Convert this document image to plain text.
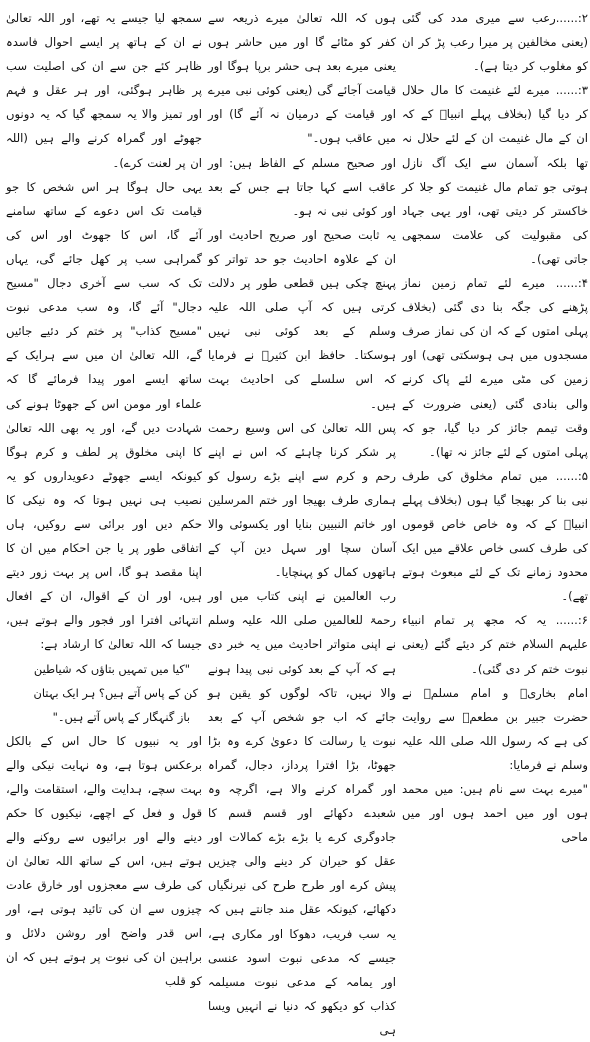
۲:......رعب سے میری مدد کی گئی (یعنی مخالفین پر میرا رعب پڑ کر ان کو مغلوب کر دیتا ہے)۔

۳:...... میرے لئے غنیمت کا مال حلال کر دیا گیا (بخلاف پہلے انبیاؑ کے کہ ان کے مال غنیمت ان کے لئے حلال نہ تھا بلکہ آسمان سے ایک آگ نازل ہوتی جو تمام مال غنیمت کو جلا کر خاکستر کر دیتی تھی، اور یہی جہاد کی مقبولیت کی علامت سمجھی جاتی تھی)۔

۴:...... میرے لئے تمام زمین نماز پڑھنے کی جگہ بنا دی گئی (بخلاف پہلی امتوں کے کہ ان کی نماز صرف مسجدوں میں ہی ہوسکتی تھی) اور زمین کی مٹی میرے لئے پاک کرنے والی بنادی گئی (یعنی ضرورت کے وقت تیمم جائز کر دیا گیا، جو کہ پہلی امتوں کے لئے جائز نہ تھا)۔

۵:...... میں تمام مخلوق کی طرف نبی بنا کر بھیجا گیا ہوں (بخلاف پہلے انبیاؑ کے کہ وہ خاص خاص قوموں کی طرف کسی خاص علاقے میں ایک محدود زمانے تک کے لئے مبعوث ہوتے تھے)۔

۶:...... یہ کہ مجھ پر تمام انبیاء علیہم السلام ختم کر دیئے گئے (یعنی نبوت ختم کر دی گئی)۔

امام بخاریؒ و امام مسلمؒ نے حضرت جبیر بن مطعمؓ سے روایت کی ہے کہ رسول اللہ صلی اللہ علیہ وسلم نے فرمایا:

"میرے بہت سے نام ہیں: میں محمد ہوں اور میں احمد ہوں اور میں ماحی

ہوں کہ اللہ تعالیٰ میرے ذریعہ سے کفر کو مٹائے گا اور میں حاشر ہوں یعنی میرے بعد ہی حشر برپا ہوگا اور قیامت آجائے گی (یعنی کوئی نبی میرے اور قیامت کے درمیان نہ آئے گا) اور میں عاقب ہوں۔"

اور صحیح مسلم کے الفاظ ہیں: اور عاقب اسے کہا جاتا ہے جس کے بعد اور کوئی نبی نہ ہو۔

یہ ثابت صحیح اور صریح احادیث اور ان کے علاوہ احادیث جو حد تواتر کو پہنچ چکی ہیں قطعی طور پر دلالت کرتی ہیں کہ آپ صلی اللہ علیہ وسلم کے بعد کوئی نبی نہیں ہوسکتا۔ حافظ ابن کثیرؒ نے فرمایا کہ اس سلسلے کی احادیث بہت ہیں۔

پس اللہ تعالیٰ کی اس وسیع رحمت پر شکر کرنا چاہئے کہ اس نے اپنے رحم و کرم سے اپنے بڑے رسول کو ہماری طرف بھیجا اور ختم المرسلین اور خاتم النبیین بنایا اور یکسوئی والا آسان سچا اور سہل دین آپ کے ہاتھوں کمال کو پہنچایا۔

رب العالمین نے اپنی کتاب میں اور رحمۃ للعالمین صلی اللہ علیہ وسلم نے اپنی متواتر احادیث میں یہ خبر دی ہے کہ آپ کے بعد کوئی نبی پیدا ہونے والا نہیں، تاکہ لوگوں کو یقین ہو جائے کہ اب جو شخص آپ کے بعد نبوت یا رسالت کا دعویٰ کرے وہ بڑا جھوٹا، بڑا افترا پرداز، دجال، گمراہ اور گمراہ کرنے والا ہے، اگرچہ وہ شعبدے دکھائے اور قسم قسم کا جادوگری کرے یا بڑے بڑے کمالات اور عقل کو حیران کر دینے والی چیزیں پیش کرے اور طرح طرح کی نیرنگیاں دکھائے، کیونکہ عقل مند جانتے ہیں کہ یہ سب فریب، دھوکا اور مکاری ہے، جیسے کہ مدعی نبوت اسود عنسی اور یمامہ کے مدعی نبوت مسیلمہ کذاب کو دیکھو کہ دنیا نے انہیں ویسا ہی

سمجھ لیا جیسے یہ تھے، اور اللہ تعالیٰ نے ان کے ہاتھ پر ایسے احوال فاسدہ ظاہر کئے جن سے ان کی اصلیت سب پر ظاہر ہوگئی، اور ہر عقل و فہم اور تمیز والا یہ سمجھ گیا کہ یہ دونوں جھوٹے اور گمراہ کرنے والے ہیں (اللہ ان پر لعنت کرے)۔

یہی حال ہوگا ہر اس شخص کا جو قیامت تک اس دعوے کے ساتھ سامنے آئے گا، اس کا جھوٹ اور اس کی گمراہی سب پر کھل جائے گی، یہاں تک کہ سب سے آخری دجال "مسیح دجال" آئے گا، وہ سب مدعی نبوت "مسیح کذاب" پر ختم کر دئیے جائیں گے، اللہ تعالیٰ ان میں سے ہرایک کے ساتھ ایسے امور پیدا فرمائے گا کہ علماء اور مومن اس کے جھوٹا ہونے کی شہادت دیں گے، اور یہ بھی اللہ تعالیٰ کا اپنی مخلوق پر لطف و کرم ہوگا کیونکہ ایسے جھوٹے دعویداروں کو یہ نصیب ہی نہیں ہوتا کہ وہ نیکی کا حکم دیں اور برائی سے روکیں، ہاں اتفاقی طور پر یا جن احکام میں ان کا اپنا مقصد ہو گا، اس پر بہت زور دیتے ہیں، اور ان کے اقوال، ان کے افعال انتہائی افترا اور فجور والے ہوتے ہیں، جیسا کہ اللہ تعالیٰ کا ارشاد ہے:

"کیا میں تمہیں بتاؤں کہ شیاطین

کن کے پاس آتے ہیں؟ ہر ایک بہتان

باز گنہگار کے پاس آتے ہیں۔"

اور یہ نبیوں کا حال اس کے بالکل برعکس ہوتا ہے، وہ نہایت نیکی والے بہت سچے، ہدایت والے، استقامت والے، قول و فعل کے اچھے، نیکیوں کا حکم دینے والے اور برائیوں سے روکنے والے ہوتے ہیں، اس کے ساتھ اللہ تعالیٰ ان کی طرف سے معجزوں اور خارق عادت چیزوں سے ان کی تائید ہوتی ہے، اور اس قدر واضح اور روشن دلائل و براہین ان کی نبوت پر ہوتے ہیں کہ ان کو قلب
